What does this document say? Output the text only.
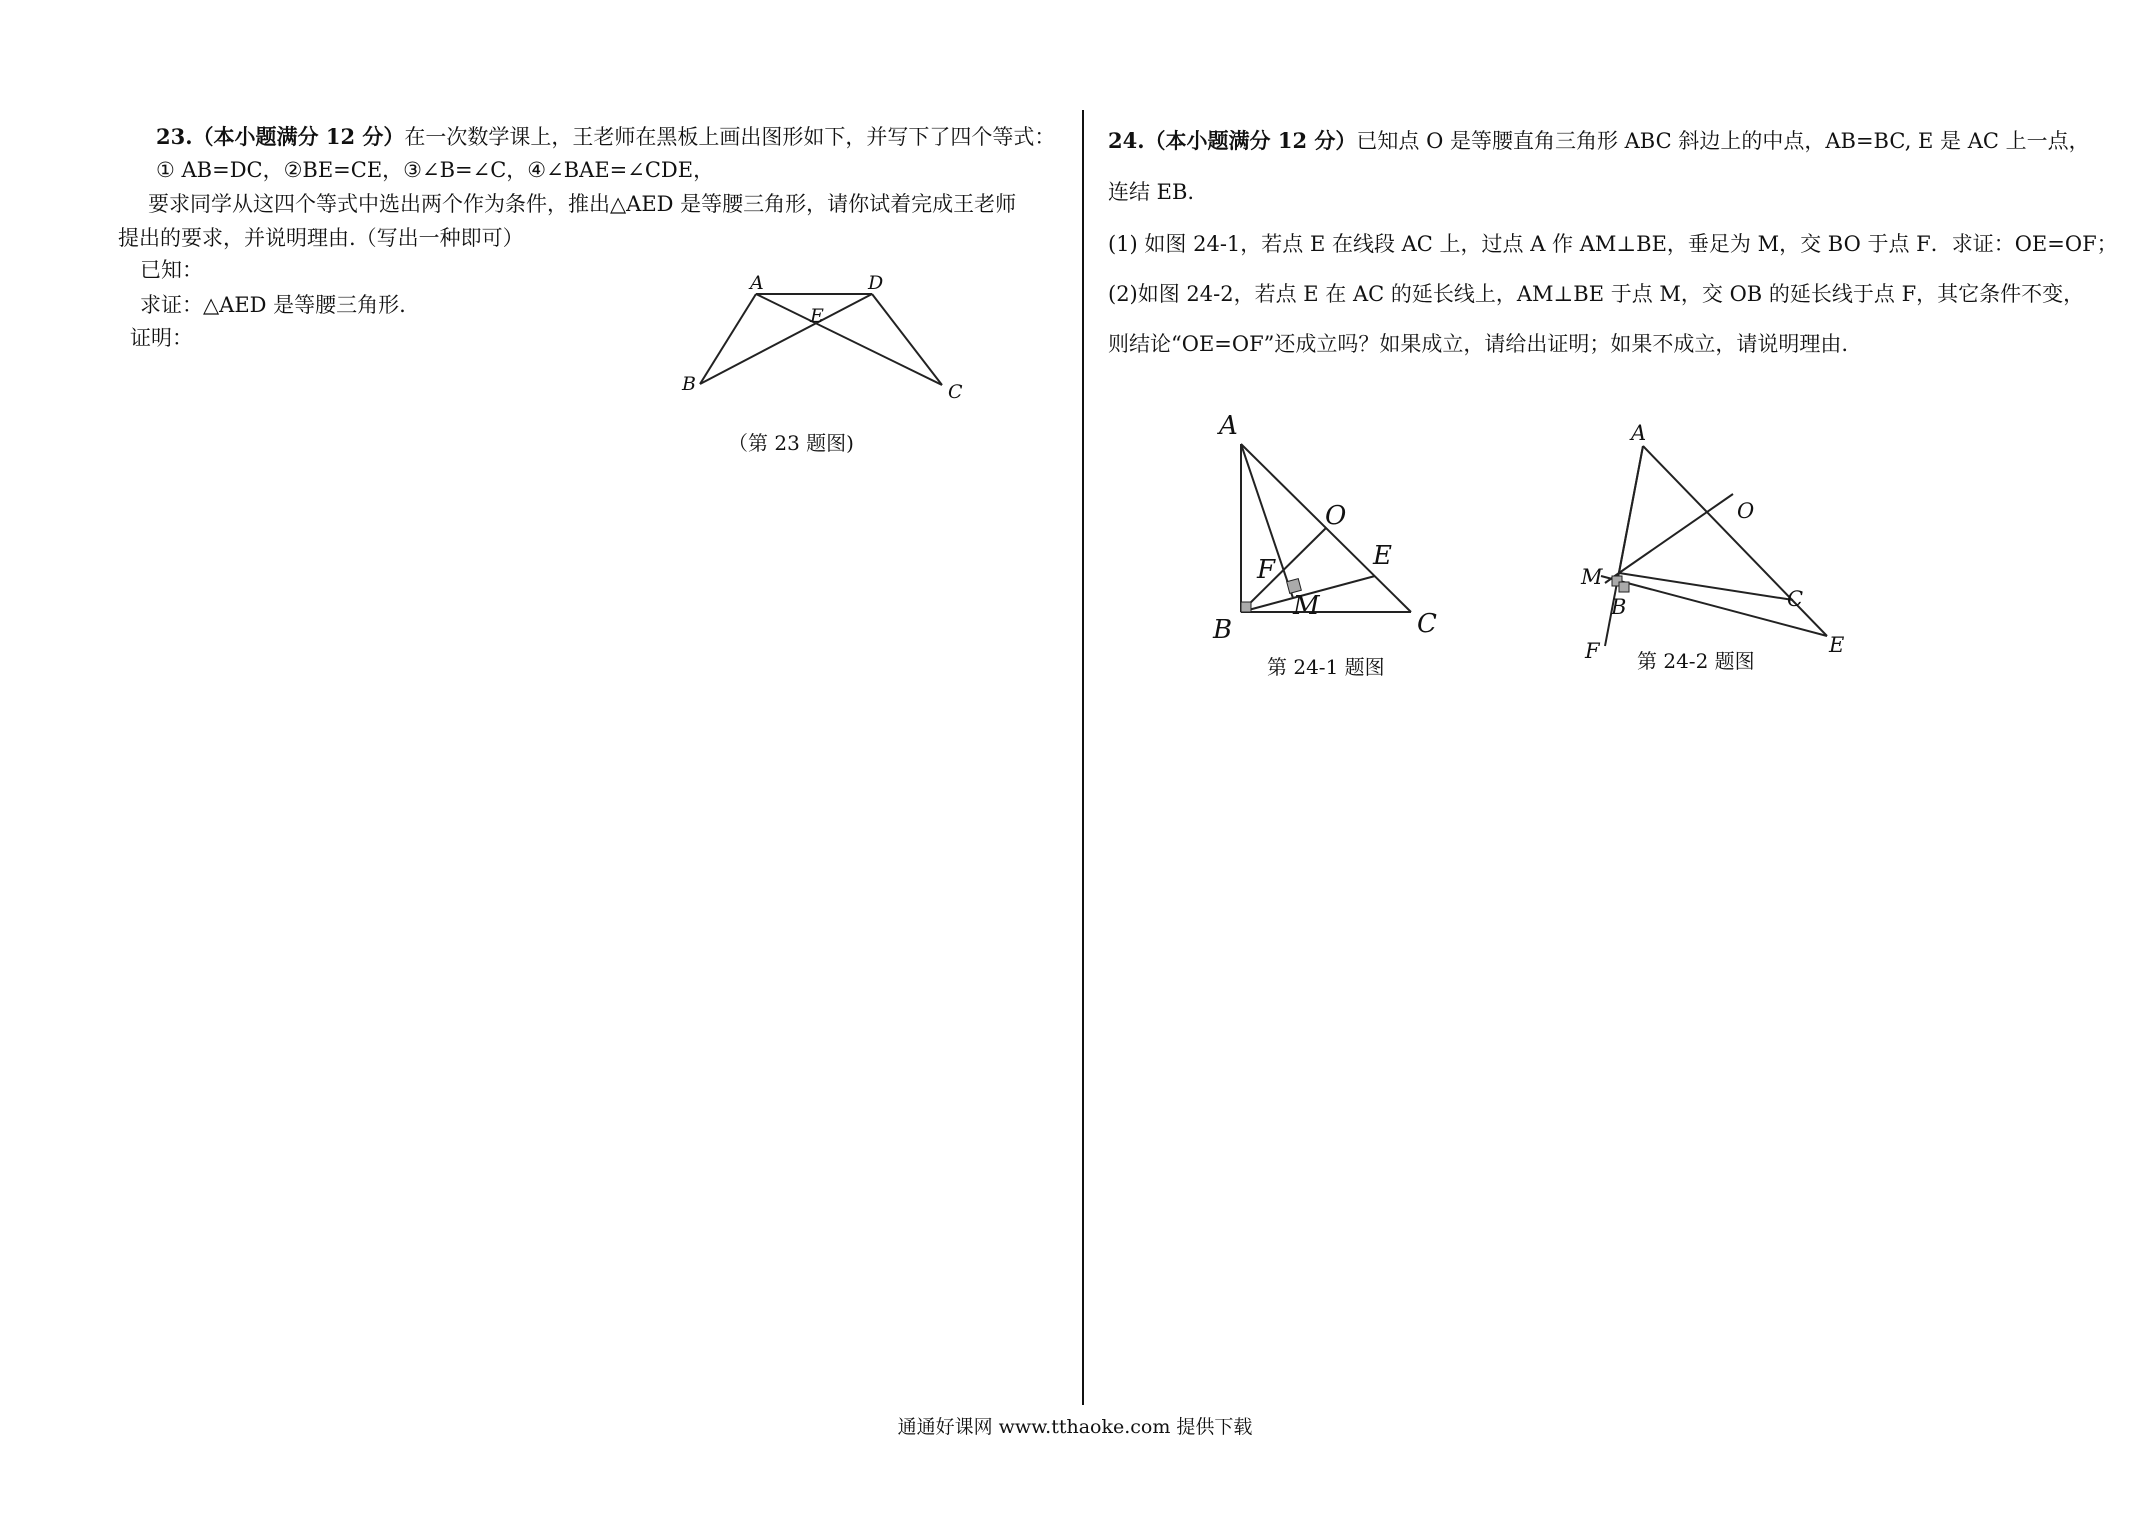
23.（本小题满分 12 分）在一次数学课上，王老师在黑板上画出图形如下，并写下了四个等式：
① AB=DC，②BE=CE，③∠B=∠C，④∠BAE=∠CDE，
要求同学从这四个等式中选出两个作为条件，推出△AED 是等腰三角形，请你试着完成王老师
提出的要求，并说明理由.（写出一种即可）
已知：
求证：△AED 是等腰三角形.
证明：
A	D
E
B	C
（第 23 题图)
24.（本小题满分 12 分）已知点 O 是等腰直角三角形 ABC 斜边上的中点，AB=BC, E 是 AC 上一点，
连结 EB.
(1) 如图 24-1，若点 E 在线段 AC 上，过点 A 作 AM⊥BE，垂足为 M，交 BO 于点 F．求证：OE=OF；
(2)如图 24-2，若点 E 在 AC 的延长线上，AM⊥BE 于点 M，交 OB 的延长线于点 F，其它条件不变，
则结论“OE=OF”还成立吗？如果成立，请给出证明；如果不成立，请说明理由.
A
O
E
F
M
B	C
第 24-1 题图
A
O
M
B	C
F	E
第 24-2 题图
通通好课网 www.tthaoke.com 提供下载
